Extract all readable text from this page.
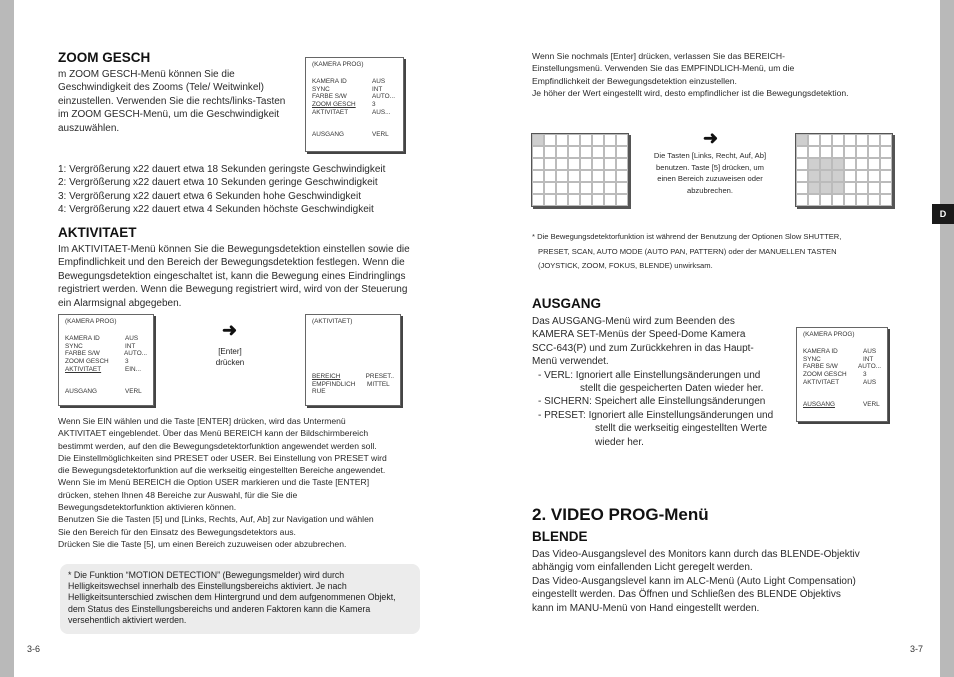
D
ZOOM GESCH
m ZOOM GESCH-Menü können Sie die Geschwindigkeit des Zooms (Tele/ Weitwinkel) einzustellen. Verwenden Sie die rechts/links-Tasten im ZOOM GESCH-Menü, um die Geschwindigkeit auszuwählen.
(KAMERA PROG)
KAMERA ID	AUS
SYNC	INT
FARBE S/W	AUTO...
ZOOM GESCH	3
AKTIVITAET	AUS...
AUSGANG	VERL
1: Vergrößerung x22 dauert etwa 18 Sekunden geringste Geschwindigkeit
2: Vergrößerung x22 dauert etwa 10 Sekunden geringe Geschwindigkeit
3: Vergrößerung x22 dauert etwa 6 Sekunden hohe Geschwindigkeit
4: Vergrößerung x22 dauert etwa 4 Sekunden höchste Geschwindigkeit
AKTIVITAET
Im AKTIVITAET-Menü können Sie die Bewegungsdetektion einstellen sowie die Empfindlichkeit und den Bereich der Bewegungsdetektion festlegen. Wenn die Bewegungsdetektion eingeschaltet ist, kann die Bewegung eines Eindringlings registriert werden. Wenn die Bewegung registriert wird, wird von der Steuerung ein Alarmsignal abgegeben.
(KAMERA PROG)
KAMERA ID	AUS
SYNC	INT
FARBE S/W	AUTO...
ZOOM GESCH	3
AKTIVITAET	EIN...
AUSGANG	VERL
➜
[Enter]
drücken
(AKTIVITAET)
BEREICH	PRESET..
EMPFINDLICH	MITTEL
RUE
Wenn Sie EIN wählen und die Taste [ENTER] drücken, wird das Untermenü
AKTIVITAET eingeblendet. Über das Menü BEREICH kann der Bildschirmbereich
bestimmt werden, auf den die Bewegungsdetektorfunktion angewendet werden soll.
Die Einstellmöglichkeiten sind PRESET oder USER. Bei Einstellung von PRESET wird
die Bewegungsdetektorfunktion auf die werkseitig eingestellten Bereiche angewendet.
Wenn Sie im Menü BEREICH die Option USER markieren und die Taste [ENTER]
drücken, stehen Ihnen 48 Bereiche zur Auswahl, für die Sie die
Bewegungsdetektorfunktion aktivieren können.
Benutzen Sie die Tasten [5] und [Links, Rechts, Auf, Ab] zur Navigation und wählen
Sie den Bereich für den Einsatz des Bewegungsdetektors aus.
Drücken Sie die Taste [5], um einen Bereich zuzuweisen oder abzubrechen.
* Die Funktion “MOTION DETECTION” (Bewegungsmelder) wird durch Helligkeitswechsel innerhalb des Einstellungsbereichs aktiviert. Je nach Helligkeitsunterschied zwischen dem Hintergrund und dem aufgenommenen Objekt, dem Status des Einstellungsbereichs und anderen Faktoren kann die Kamera versehentlich aktiviert werden.
3-6
Wenn Sie nochmals [Enter] drücken, verlassen Sie das BEREICH-
Einstellungsmenü. Verwenden Sie das EMPFINDLICH-Menü, um die
Empfindlichkeit der Bewegungsdetektion einzustellen.
Je höher der Wert eingestellt wird, desto empfindlicher ist die Bewegungsdetektion.
➜
Die Tasten [Links, Recht, Auf, Ab]
benutzen. Taste [5] drücken, um
einen Bereich zuzuweisen oder
abzubrechen.
* Die Bewegungsdetektorfunktion ist während der Benutzung der Optionen Slow SHUTTER,
PRESET, SCAN, AUTO MODE (AUTO PAN, PATTERN) oder der MANUELLEN TASTEN
(JOYSTICK, ZOOM, FOKUS, BLENDE) unwirksam.
AUSGANG
Das AUSGANG-Menü wird zum Beenden des
KAMERA SET-Menüs der Speed-Dome Kamera
SCC-643(P) und zum Zurückkehren in das Haupt-
Menü verwendet.
- VERL: Ignoriert alle Einstellungsänderungen und
stellt die gespeicherten Daten wieder her.
- SICHERN: Speichert alle Einstellungsänderungen
- PRESET: Ignoriert alle Einstellungsänderungen und
stellt die werkseitig eingestellten Werte
wieder her.
(KAMERA PROG)
KAMERA ID	AUS
SYNC	INT
FARBE S/W	AUTO...
ZOOM GESCH	3
AKTIVITAET	AUS
AUSGANG	VERL
2. VIDEO PROG-Menü
BLENDE
Das Video-Ausgangslevel des Monitors kann durch das BLENDE-Objektiv
abhängig vom einfallenden Licht geregelt werden.
Das Video-Ausgangslevel kann im ALC-Menü (Auto Light Compensation)
eingestellt werden. Das Öffnen und Schließen des BLENDE Objektivs
kann im MANU-Menü von Hand eingestellt werden.
3-7
